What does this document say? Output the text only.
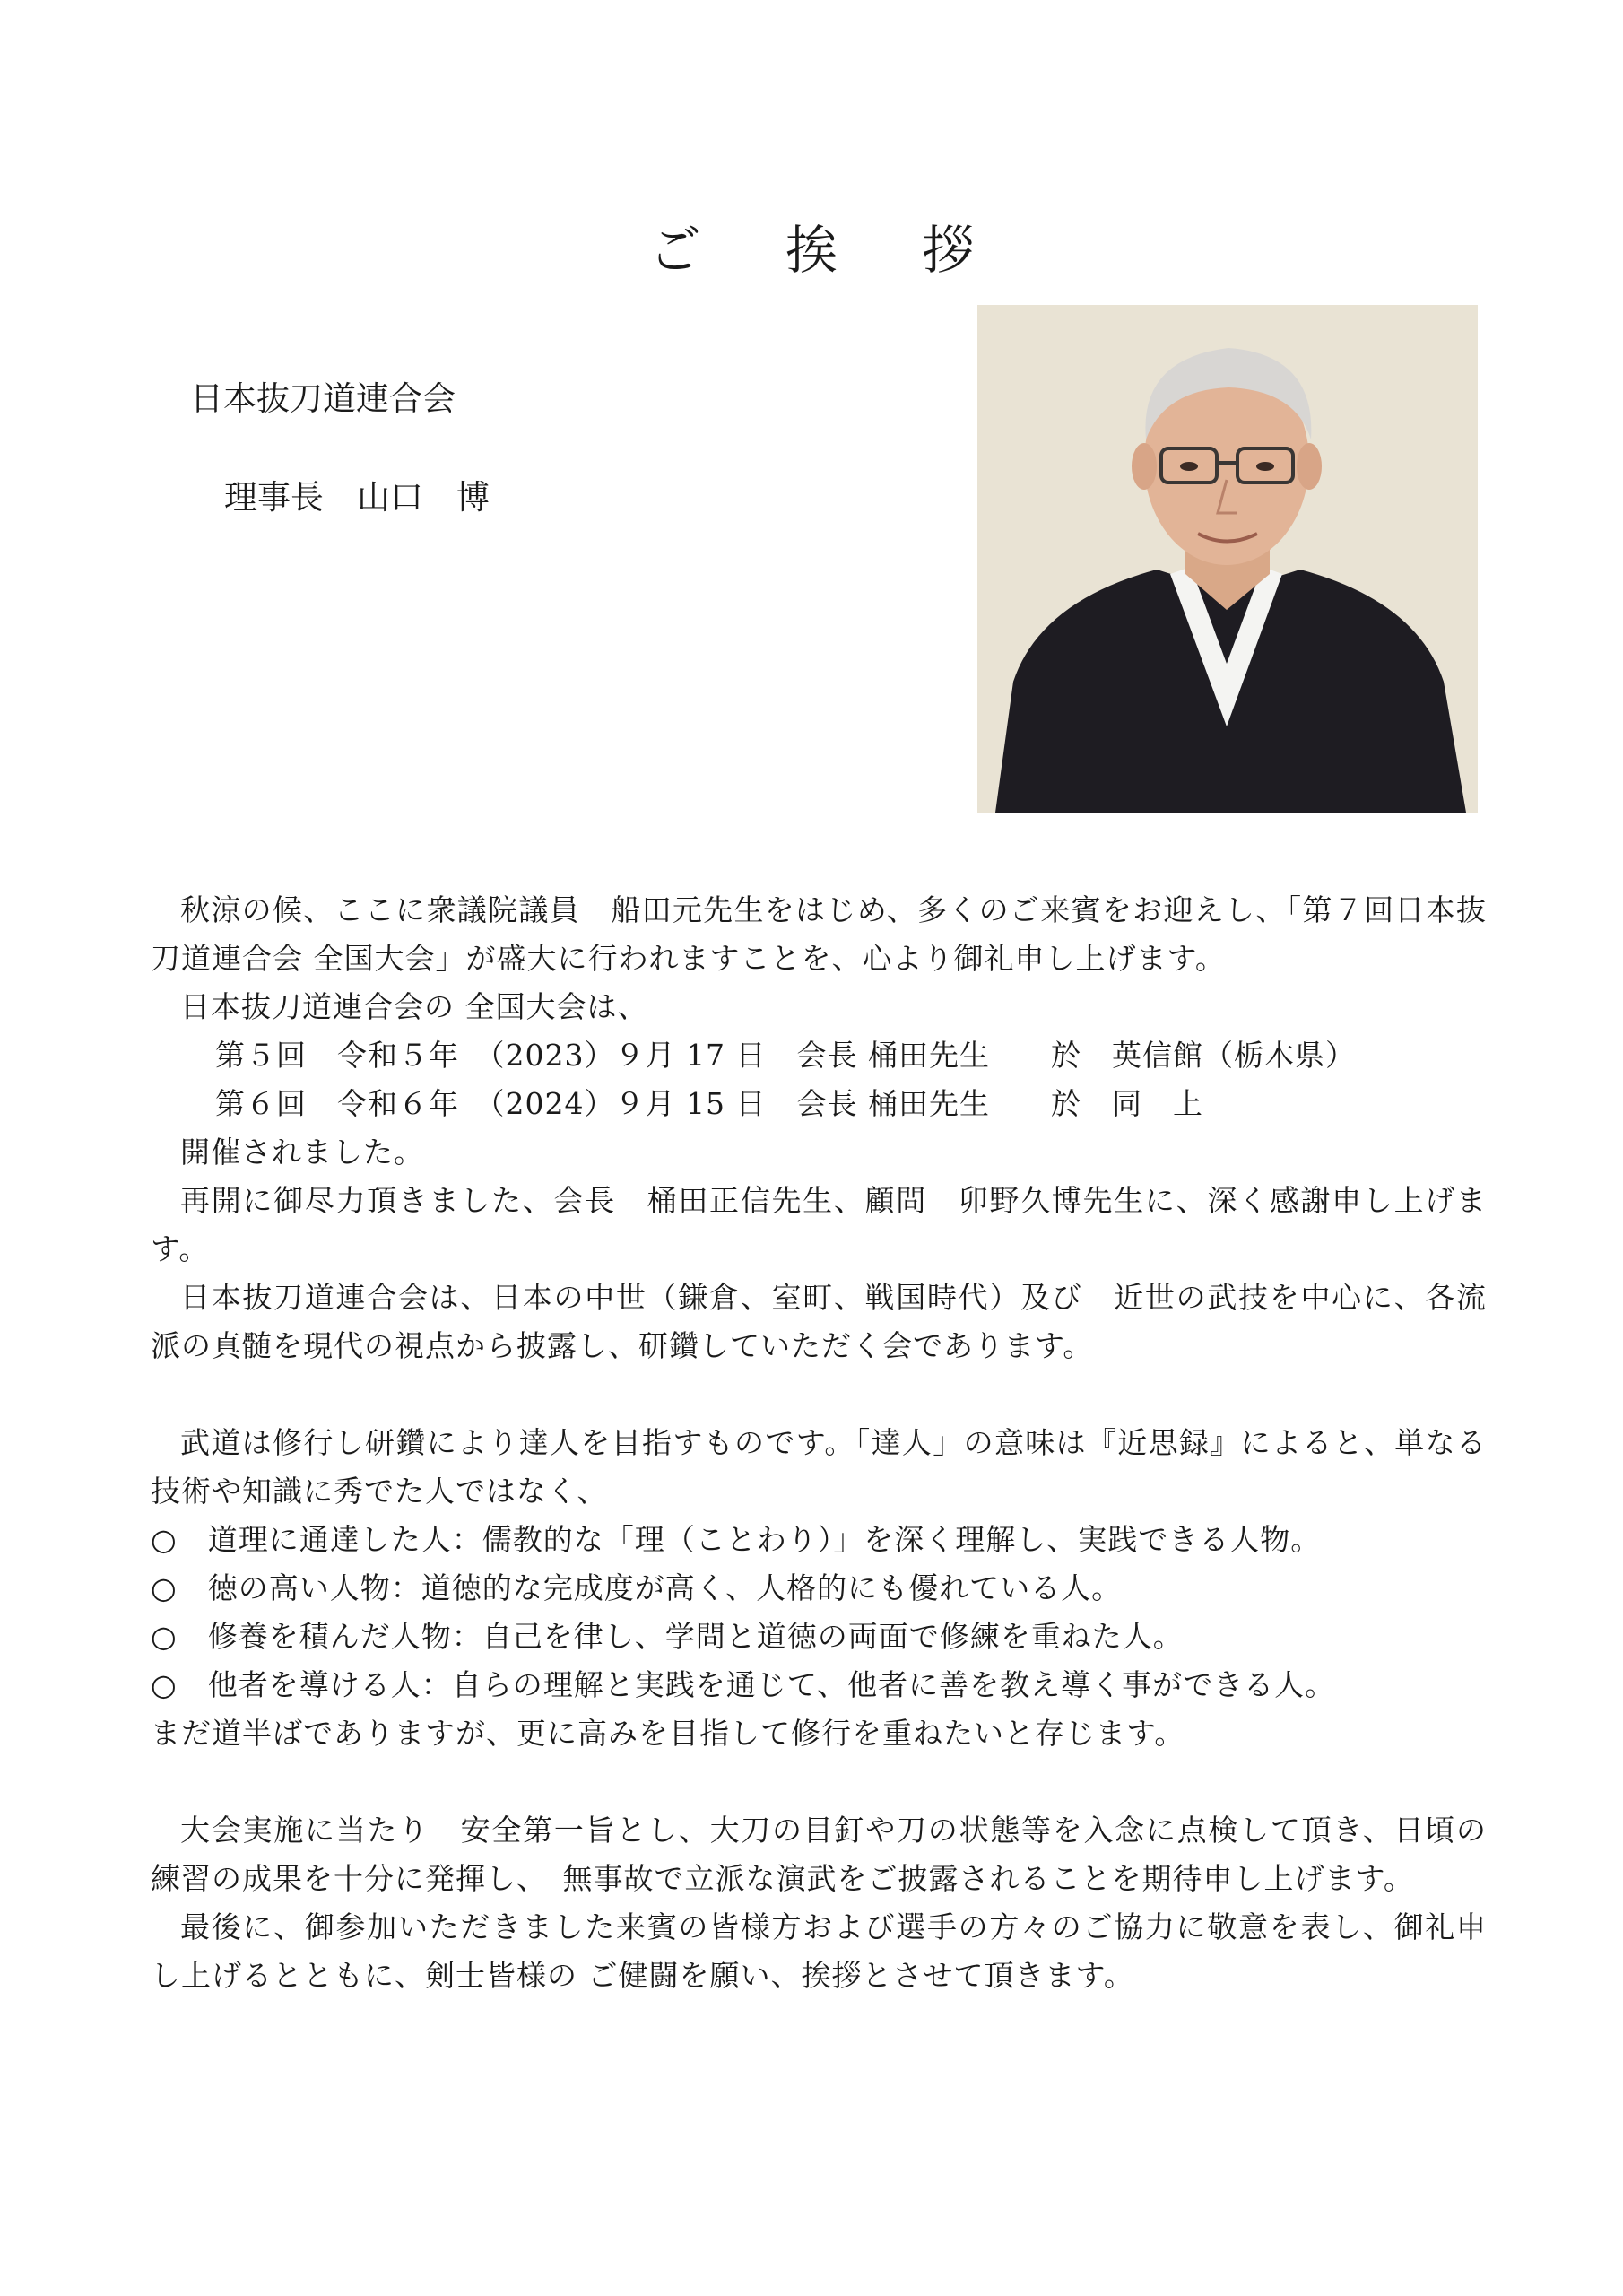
ご 挨 拶

日本抜刀道連合会

理事長　山口　博

秋涼の候、ここに衆議院議員　船田元先生をはじめ、多くのご来賓をお迎えし、「第７回日本抜刀道連合会 全国大会」が盛大に行われますことを、心より御礼申し上げます。

日本抜刀道連合会の 全国大会は、

第５回　令和５年　（2023）９月 17 日　会長 桶田先生　　於　英信館（栃木県）

第６回　令和６年　（2024）９月 15 日　会長 桶田先生　　於　同　上

開催されました。

再開に御尽力頂きました、会長　桶田正信先生、顧問　卯野久博先生に、深く感謝申し上げます。

日本抜刀道連合会は、日本の中世（鎌倉、室町、戦国時代）及び　近世の武技を中心に、各流派の真髄を現代の視点から披露し、研鑽していただく会であります。

武道は修行し研鑽により達人を目指すものです。「達人」の意味は『近思録』によると、単なる技術や知識に秀でた人ではなく、

○　道理に通達した人：儒教的な「理（ことわり）」を深く理解し、実践できる人物。

○　徳の高い人物：道徳的な完成度が高く、人格的にも優れている人。

○　修養を積んだ人物：自己を律し、学問と道徳の両面で修練を重ねた人。

○　他者を導ける人：自らの理解と実践を通じて、他者に善を教え導く事ができる人。

まだ道半ばでありますが、更に高みを目指して修行を重ねたいと存じます。

大会実施に当たり　安全第一旨とし、大刀の目釘や刀の状態等を入念に点検して頂き、日頃の練習の成果を十分に発揮し、　無事故で立派な演武をご披露されることを期待申し上げます。

最後に、御参加いただきました来賓の皆様方および選手の方々のご協力に敬意を表し、御礼申し上げるとともに、剣士皆様の ご健闘を願い、挨拶とさせて頂きます。
